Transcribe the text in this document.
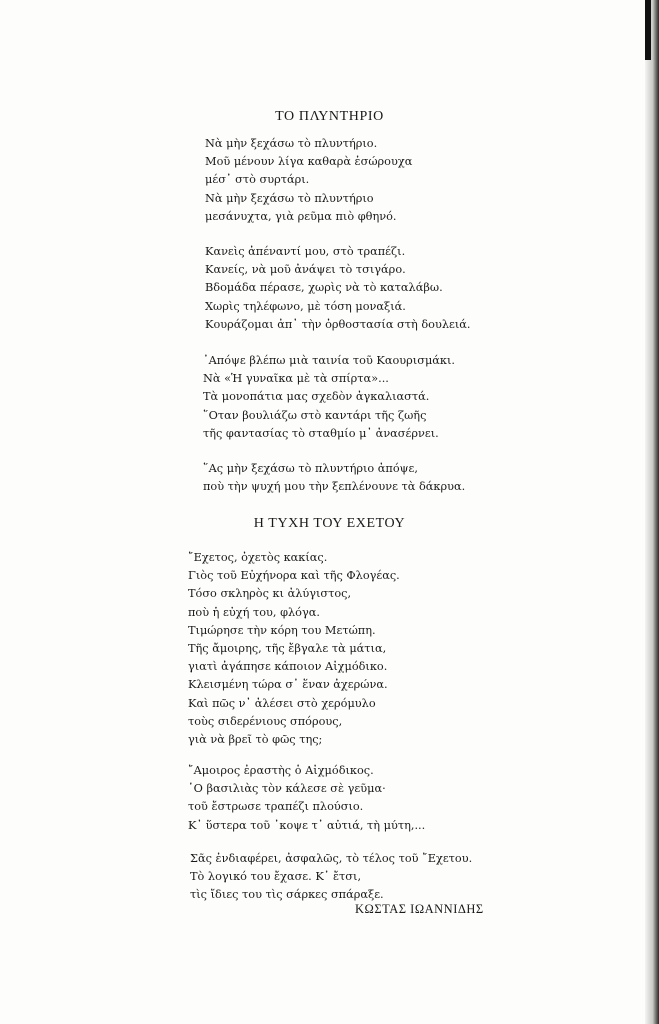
ΤΟ ΠΛΥΝΤΗΡΙΟ
Νὰ μὴν ξεχάσω τὸ πλυντήριο.
Μοῦ μένουν λίγα καθαρὰ ἐσώρουχα
μέσ᾽ στὸ συρτάρι.
Νὰ μὴν ξεχάσω τὸ πλυντήριο
μεσάνυχτα, γιὰ ρεῦμα πιὸ φθηνό.
Κανεὶς ἀπέναντί μου, στὸ τραπέζι.
Κανείς, νὰ μοῦ ἀνάψει τὸ τσιγάρο.
Βδομάδα πέρασε, χωρὶς νὰ τὸ καταλάβω.
Χωρὶς τηλέφωνο, μὲ τόση μοναξιά.
Κουράζομαι ἀπ᾽ τὴν ὀρθοστασία στὴ δουλειά.
᾽Απόψε βλέπω μιὰ ταινία τοῦ Καουρισμάκι.
Νὰ «Ἡ γυναῖκα μὲ τὰ σπίρτα»...
Τὰ μονοπάτια μας σχεδὸν ἀγκαλιαστά.
῞Οταν βουλιάζω στὸ καντάρι τῆς ζωῆς
τῆς φαντασίας τὸ σταθμίο μ᾽ ἀνασέρνει.
῞Ας μὴν ξεχάσω τὸ πλυντήριο ἀπόψε,
ποὺ τὴν ψυχή μου τὴν ξεπλένουνε τὰ δάκρυα.
Η ΤΥΧΗ ΤΟΥ ΕΧΕΤΟΥ
῎Εχετος, ὀχετὸς κακίας.
Γιὸς τοῦ Εὐχήνορα καὶ τῆς Φλογέας.
Τόσο σκληρὸς κι ἀλύγιστος,
ποὺ ἡ εὐχή του, φλόγα.
Τιμώρησε τὴν κόρη του Μετώπη.
Τῆς ἄμοιρης, τῆς ἔβγαλε τὰ μάτια,
γιατὶ ἀγάπησε κάποιον Αἰχμόδικο.
Κλεισμένη τώρα σ᾽ ἕναν ἀχερώνα.
Καὶ πῶς ν᾽ ἀλέσει στὸ χερόμυλο
τοὺς σιδερένιους σπόρους,
γιὰ νὰ βρεῖ τὸ φῶς της;
῎Αμοιρος ἐραστὴς ὁ Αἰχμόδικος.
῾Ο βασιλιὰς τὸν κάλεσε σὲ γεῦμα·
τοῦ ἔστρωσε τραπέζι πλούσιο.
Κ᾽ ὕστερα τοῦ ᾽κοψε τ᾽ αὐτιά, τὴ μύτη,...
Σᾶς ἐνδιαφέρει, ἀσφαλῶς, τὸ τέλος τοῦ ῎Εχετου.
Τὸ λογικό του ἔχασε. Κ᾽ ἔτσι,
τὶς ἴδιες του τὶς σάρκες σπάραξε.
ΚΩΣΤΑΣ ΙΩΑΝΝΙΔΗΣ
